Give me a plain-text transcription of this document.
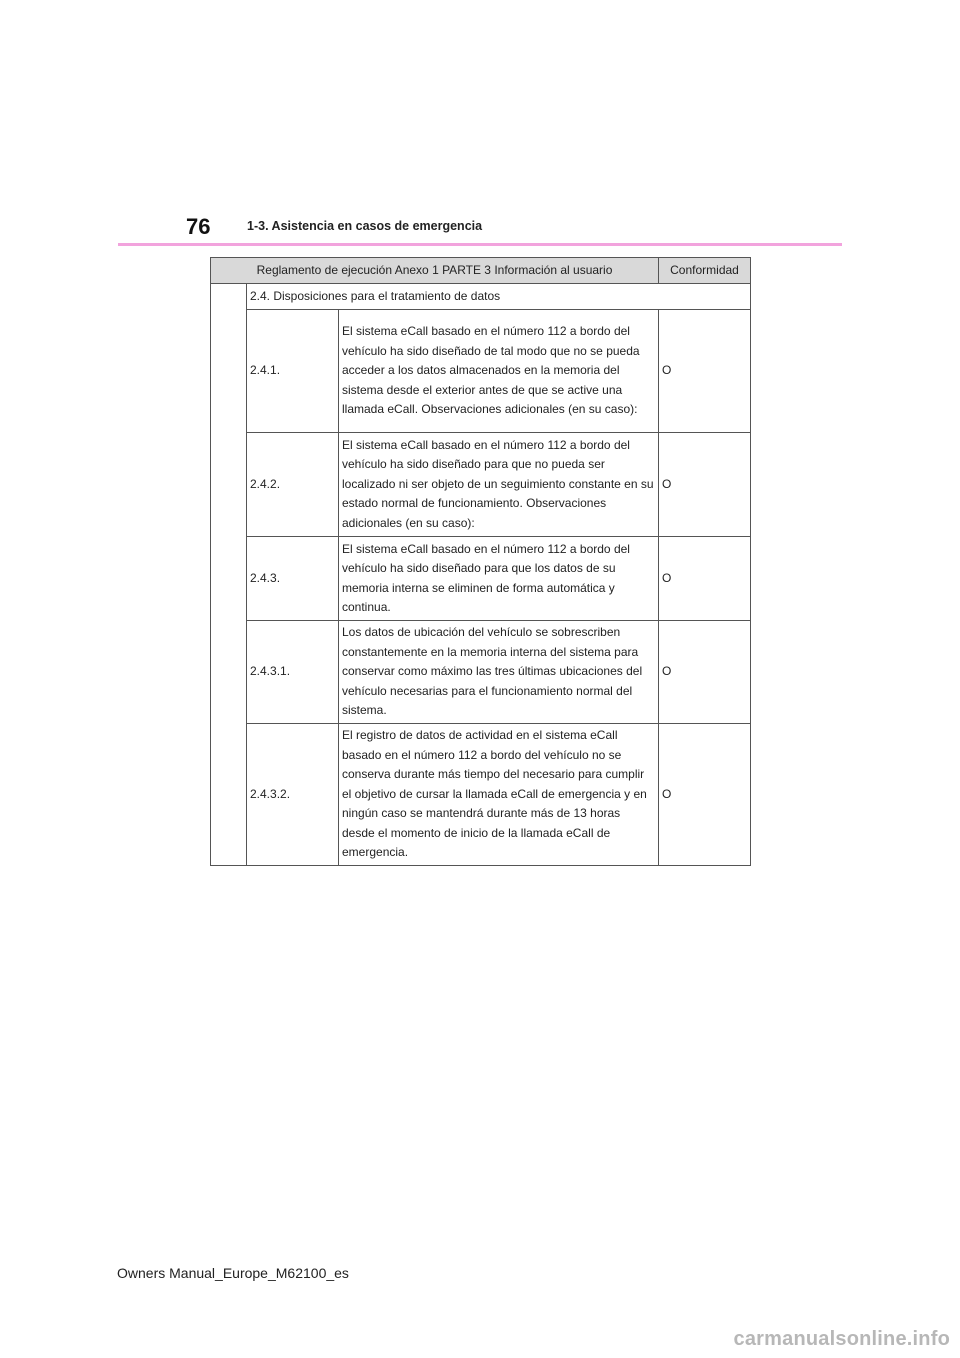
76	1-3. Asistencia en casos de emergencia
Reglamento de ejecución Anexo 1 PARTE 3 Información al usuario			Conformidad
	2.4. Disposiciones para el tratamiento de datos		
	2.4.1.	El sistema eCall basado en el número 112 a bordo del vehículo ha sido diseñado de tal modo que no se pueda acceder a los datos almacenados en la memoria del sistema desde el exterior antes de que se active una llamada eCall. Observaciones adicionales (en su caso):	O
	2.4.2.	El sistema eCall basado en el número 112 a bordo del vehículo ha sido diseñado para que no pueda ser localizado ni ser objeto de un seguimiento constante en su estado normal de funcionamiento. Observaciones adicionales (en su caso):	O
	2.4.3.	El sistema eCall basado en el número 112 a bordo del vehículo ha sido diseñado para que los datos de su memoria interna se eliminen de forma automática y continua.	O
	2.4.3.1.	Los datos de ubicación del vehículo se sobrescriben constantemente en la memoria interna del sistema para conservar como máximo las tres últimas ubicaciones del vehículo necesarias para el funcionamiento normal del sistema.	O
	2.4.3.2.	El registro de datos de actividad en el sistema eCall basado en el número 112 a bordo del vehículo no se conserva durante más tiempo del necesario para cumplir el objetivo de cursar la llamada eCall de emergencia y en ningún caso se mantendrá durante más de 13 horas desde el momento de inicio de la llamada eCall de emergencia.	O
Owners Manual_Europe_M62100_es
carmanualsonline.info
